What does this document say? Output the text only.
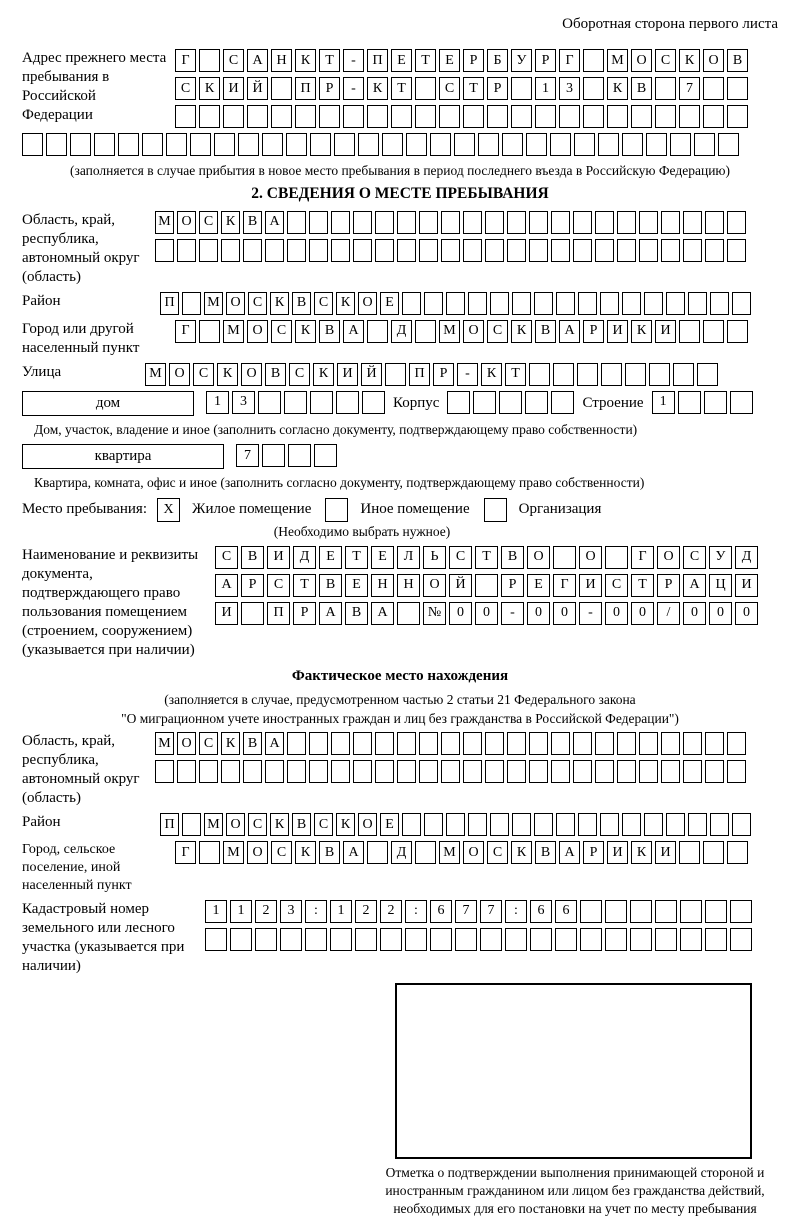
Оборотная сторона первого листа
Адрес прежнего места пребывания в Российской Федерации
Г	С	А Н	К	Т	-	П	Е	Т	Е	Р	Б	У	Р	Г	М О	С	К	О	В
С	К	И Й	П	Р	-	К	Т	С	Т	Р	1	3	К	В	7
(заполняется в случае прибытия в новое место пребывания в период последнего въезда в Российскую Федерацию)
2. СВЕДЕНИЯ О МЕСТЕ ПРЕБЫВАНИЯ
Область, край, республика, автономный округ (область)
М О С К В А
Район	П	М О С К В С К О Е
Город или другой населенный пункт
Г	М О	С	К	В	А	Д	М О	С	К	В	А	Р	И	К	И
Улица	М О	С	К	О	В	С	К	И Й	П	Р	-	К	Т
дом	1	3	Корпус	Строение	1
Дом, участок, владение и иное (заполнить согласно документу, подтверждающему право собственности)
квартира	7
Квартира, комната, офис и иное (заполнить согласно документу, подтверждающему право собственности)
Место пребывания:	X	Жилое помещение	Иное помещение	Организация
(Необходимо выбрать нужное)
Наименование и реквизиты документа, подтверждающего право пользования помещением (строением, сооружением) (указывается при наличии)
С	В	И	Д	Е	Т	Е	Л	Ь	С	Т	В	О	О	Г	О	С	У	Д
А	Р	С	Т	В	Е	Н	Н	О	Й	Р	Е	Г	И	С	Т	Р	А	Ц	И
И	П	Р	А	В	А	№	0	0	-	0	0	-	0	0	/	0	0	0
Фактическое место нахождения
(заполняется в случае, предусмотренном частью 2 статьи 21 Федерального закона
"О миграционном учете иностранных граждан и лиц без гражданства в Российской Федерации")
Область, край, республика, автономный округ (область)
М О С К В А
Район	П	М О С К В С К О Е
Город, сельское поселение, иной населенный пункт
Г	М О	С	К	В	А	Д	М О	С	К	В	А	Р	И	К	И
Кадастровый номер земельного или лесного участка (указывается при наличии)
1	1	2	3	:	1	2	2	:	6	7	7	:	6	6
Отметка о подтверждении выполнения принимающей стороной и иностранным гражданином или лицом без гражданства действий, необходимых для его постановки на учет по месту пребывания
